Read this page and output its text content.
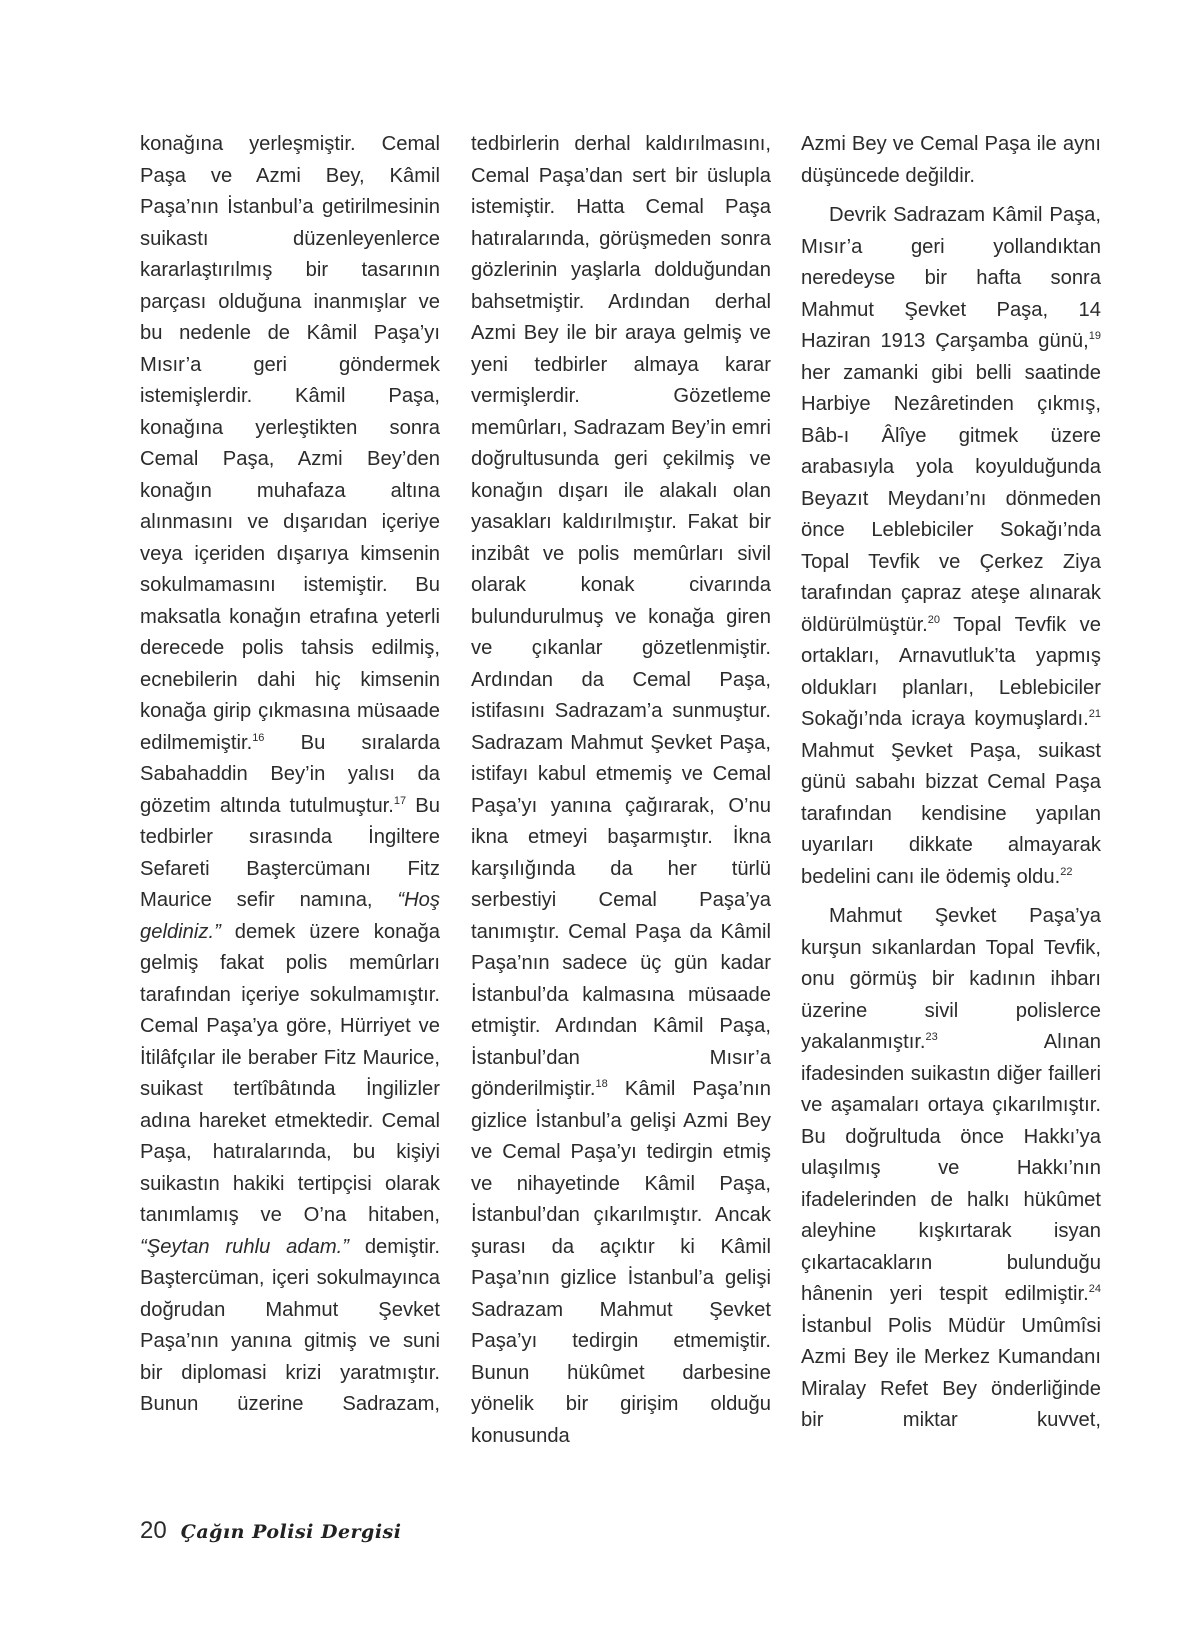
konağına yerleşmiştir. Cemal Paşa ve Azmi Bey, Kâmil Paşa’nın İstanbul’a getirilmesinin suikastı düzenleyenlerce kararlaştırılmış bir tasarının parçası olduğuna inanmışlar ve bu nedenle de Kâmil Paşa’yı Mısır’a geri göndermek istemişlerdir. Kâmil Paşa, konağına yerleştikten sonra Cemal Paşa, Azmi Bey’den konağın muhafaza altına alınmasını ve dışarıdan içeriye veya içeriden dışarıya kimsenin sokulmamasını istemiştir. Bu maksatla konağın etrafına yeterli derecede polis tahsis edilmiş, ecnebilerin dahi hiç kimsenin konağa girip çıkmasına müsaade edilmemiştir.$^{16}$ Bu sıralarda Sabahaddin Bey’in yalısı da gözetim altında tutulmuştur.$^{17}$ Bu tedbirler sırasında İngiltere Sefareti Baştercümanı Fitz Maurice sefir namına, “Hoş geldiniz.” demek üzere konağa gelmiş fakat polis memûrları tarafından içeriye sokulmamıştır. Cemal Paşa’ya göre, Hürriyet ve İtilâfçılar ile beraber Fitz Maurice, suikast tertîbâtında İngilizler adına hareket etmektedir. Cemal Paşa, hatıralarında, bu kişiyi suikastın hakiki tertipçisi olarak tanımlamış ve O’na hitaben, “Şeytan ruhlu adam.” demiştir. Baştercüman, içeri sokulmayınca doğrudan Mahmut Şevket Paşa’nın yanına gitmiş ve suni bir diplomasi krizi yaratmıştır. Bunun üzerine Sadrazam,

tedbirlerin derhal kaldırılmasını, Cemal Paşa’dan sert bir üslupla istemiştir. Hatta Cemal Paşa hatıralarında, görüşmeden sonra gözlerinin yaşlarla dolduğundan bahsetmiştir. Ardından derhal Azmi Bey ile bir araya gelmiş ve yeni tedbirler almaya karar vermişlerdir. Gözetleme memûrları, Sadrazam Bey’in emri doğrultusunda geri çekilmiş ve konağın dışarı ile alakalı olan yasakları kaldırılmıştır. Fakat bir inzibât ve polis memûrları sivil olarak konak civarında bulundurulmuş ve konağa giren ve çıkanlar gözetlenmiştir. Ardından da Cemal Paşa, istifasını Sadrazam’a sunmuştur. Sadrazam Mahmut Şevket Paşa, istifayı kabul etmemiş ve Cemal Paşa’yı yanına çağırarak, O’nu ikna etmeyi başarmıştır. İkna karşılığında da her türlü serbestiyi Cemal Paşa’ya tanımıştır. Cemal Paşa da Kâmil Paşa’nın sadece üç gün kadar İstanbul’da kalmasına müsaade etmiştir. Ardından Kâmil Paşa, İstanbul’dan Mısır’a gönderilmiştir.$^{18}$ Kâmil Paşa’nın gizlice İstanbul’a gelişi Azmi Bey ve Cemal Paşa’yı tedirgin etmiş ve nihayetinde Kâmil Paşa, İstanbul’dan çıkarılmıştır. Ancak şurası da açıktır ki Kâmil Paşa’nın gizlice İstanbul’a gelişi Sadrazam Mahmut Şevket Paşa’yı tedirgin etmemiştir. Bunun hükûmet darbesine yönelik bir girişim olduğu konusunda

Azmi Bey ve Cemal Paşa ile aynı düşüncede değildir.

Devrik Sadrazam Kâmil Paşa, Mısır’a geri yollandıktan neredeyse bir hafta sonra Mahmut Şevket Paşa, 14 Haziran 1913 Çarşamba günü,$^{19}$ her zamanki gibi belli saatinde Harbiye Nezâretinden çıkmış, Bâb-ı Âlîye gitmek üzere arabasıyla yola koyulduğunda Beyazıt Meydanı’nı dönmeden önce Leblebiciler Sokağı’nda Topal Tevfik ve Çerkez Ziya tarafından çapraz ateşe alınarak öldürülmüştür.$^{20}$ Topal Tevfik ve ortakları, Arnavutluk’ta yapmış oldukları planları, Leblebiciler Sokağı’nda icraya koymuşlardı.$^{21}$ Mahmut Şevket Paşa, suikast günü sabahı bizzat Cemal Paşa tarafından kendisine yapılan uyarıları dikkate almayarak bedelini canı ile ödemiş oldu.$^{22}$

Mahmut Şevket Paşa’ya kurşun sıkanlardan Topal Tevfik, onu görmüş bir kadının ihbarı üzerine sivil polislerce yakalanmıştır.$^{23}$ Alınan ifadesinden suikastın diğer failleri ve aşamaları ortaya çıkarılmıştır. Bu doğrultuda önce Hakkı’ya ulaşılmış ve Hakkı’nın ifadelerinden de halkı hükûmet aleyhine kışkırtarak isyan çıkartacakların bulunduğu hânenin yeri tespit edilmiştir.$^{24}$ İstanbul Polis Müdür Umûmîsi Azmi Bey ile Merkez Kumandanı Miralay Refet Bey önderliğinde bir miktar kuvvet,

20 Çağın Polisi Dergisi
